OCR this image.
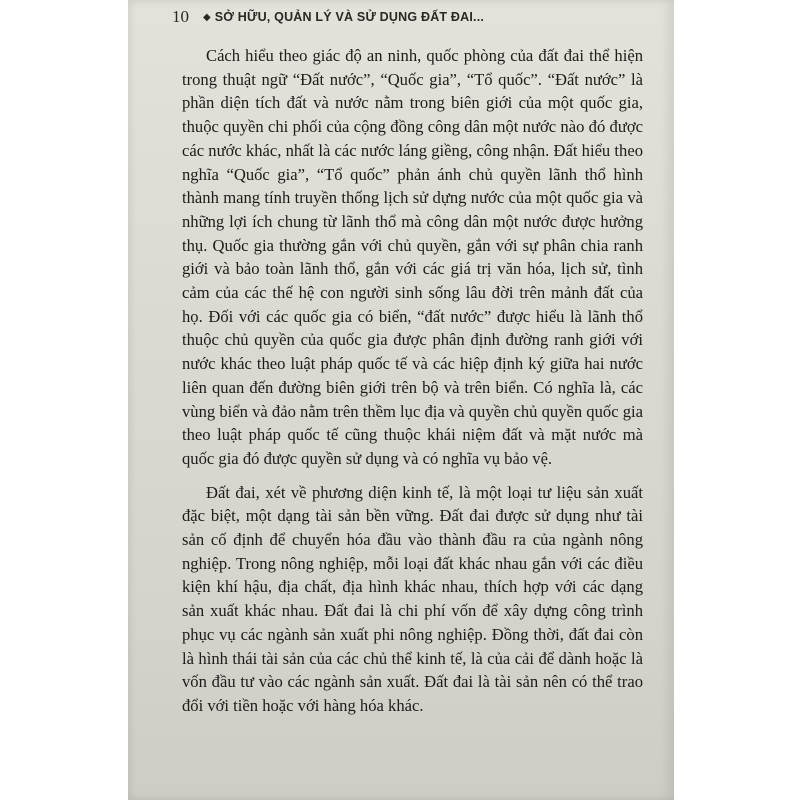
10 ◆ SỞ HỮU, QUẢN LÝ VÀ SỬ DỤNG ĐẤT ĐAI...

Cách hiểu theo giác độ an ninh, quốc phòng của đất đai thể hiện trong thuật ngữ “Đất nước”, “Quốc gia”, “Tổ quốc”. “Đất nước” là phần diện tích đất và nước nằm trong biên giới của một quốc gia, thuộc quyền chi phối của cộng đồng công dân một nước nào đó được các nước khác, nhất là các nước láng giềng, công nhận. Đất hiểu theo nghĩa “Quốc gia”, “Tổ quốc” phản ánh chủ quyền lãnh thổ hình thành mang tính truyền thống lịch sử dựng nước của một quốc gia và những lợi ích chung từ lãnh thổ mà công dân một nước được hưởng thụ. Quốc gia thường gắn với chủ quyền, gắn với sự phân chia ranh giới và bảo toàn lãnh thổ, gắn với các giá trị văn hóa, lịch sử, tình cảm của các thế hệ con người sinh sống lâu đời trên mảnh đất của họ. Đối với các quốc gia có biển, “đất nước” được hiểu là lãnh thổ thuộc chủ quyền của quốc gia được phân định đường ranh giới với nước khác theo luật pháp quốc tế và các hiệp định ký giữa hai nước liên quan đến đường biên giới trên bộ và trên biển. Có nghĩa là, các vùng biển và đảo nằm trên thềm lục địa và quyền chủ quyền quốc gia theo luật pháp quốc tế cũng thuộc khái niệm đất và mặt nước mà quốc gia đó được quyền sử dụng và có nghĩa vụ bảo vệ.

Đất đai, xét về phương diện kinh tế, là một loại tư liệu sản xuất đặc biệt, một dạng tài sản bền vững. Đất đai được sử dụng như tài sản cố định để chuyển hóa đầu vào thành đầu ra của ngành nông nghiệp. Trong nông nghiệp, mỗi loại đất khác nhau gắn với các điều kiện khí hậu, địa chất, địa hình khác nhau, thích hợp với các dạng sản xuất khác nhau. Đất đai là chi phí vốn để xây dựng công trình phục vụ các ngành sản xuất phi nông nghiệp. Đồng thời, đất đai còn là hình thái tài sản của các chủ thể kinh tế, là của cải để dành hoặc là vốn đầu tư vào các ngành sản xuất. Đất đai là tài sản nên có thể trao đổi với tiền hoặc với hàng hóa khác.
